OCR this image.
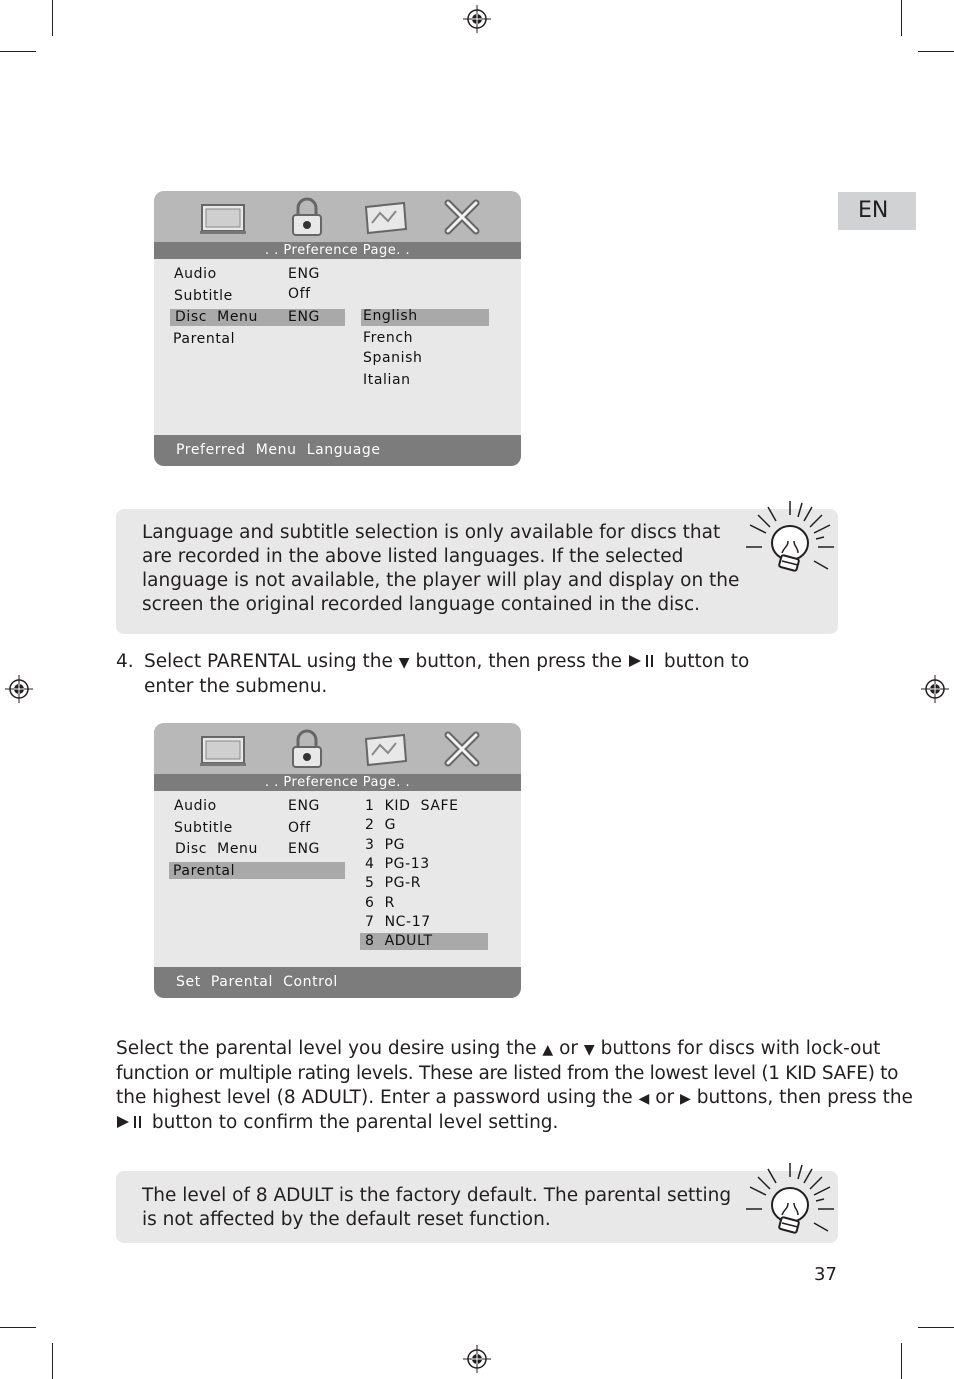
EN
. . Preference Page. .
Audio	ENG
Subtitle	Off
Disc  Menu ENG
Parental
English
French
Spanish
Italian
Preferred  Menu  Language

Language and subtitle selection is only available for discs that are recorded in the above listed languages. If the selected language is not available, the player will play and display on the screen the original recorded language contained in the disc.

4. Select PARENTAL using the ▼ button, then press the button to enter the submenu.
. . Preference Page. .
Audio	ENG
Subtitle	Off
Disc  Menu ENG
Parental
1  KID  SAFE
2  G
3  PG
4  PG-13
5  PG-R
6  R
7  NC-17
8  ADULT
Set  Parental  Control
Select the parental level you desire using the ▲ or ▼ buttons for discs with lock-out
function or multiple rating levels. These are listed from the lowest level (1 KID SAFE) to
the highest level (8 ADULT). Enter a password using the ◀ or ▶ buttons, then press the
button to confirm the parental level setting.

The level of 8 ADULT is the factory default. The parental setting is not affected by the default reset function.

37
